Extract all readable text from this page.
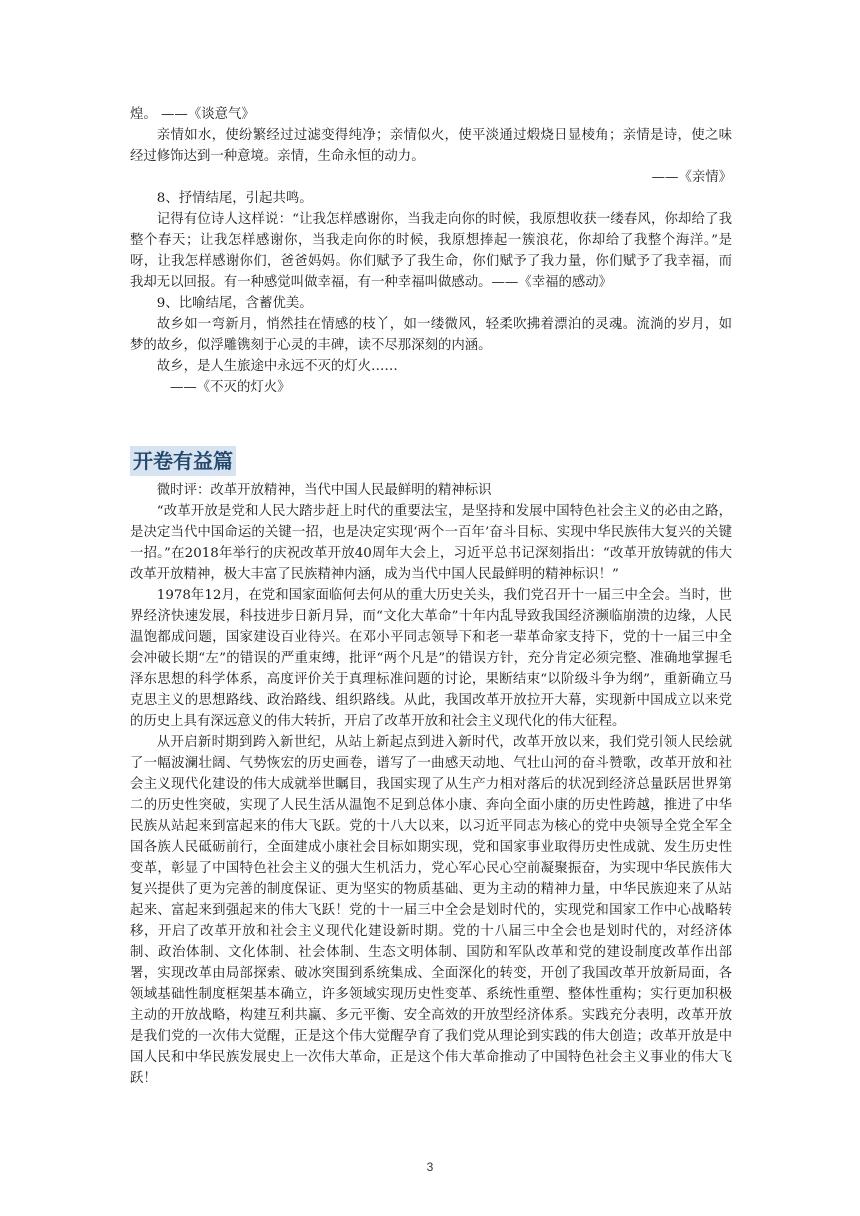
煌。 ——《谈意气》

亲情如水，使纷繁经过过滤变得纯净；亲情似火，使平淡通过煅烧日显棱角；亲情是诗，使之味经过修饰达到一种意境。亲情，生命永恒的动力。
——《亲情》

8、抒情结尾，引起共鸣。

记得有位诗人这样说：“让我怎样感谢你，当我走向你的时候，我原想收获一缕春风，你却给了我整个春天；让我怎样感谢你，当我走向你的时候，我原想捧起一簇浪花，你却给了我整个海洋。”是呀，让我怎样感谢你们，爸爸妈妈。你们赋予了我生命，你们赋予了我力量，你们赋予了我幸福，而我却无以回报。有一种感觉叫做幸福，有一种幸福叫做感动。——《幸福的感动》

9、比喻结尾，含蓄优美。

故乡如一弯新月，悄然挂在情感的枝丫，如一缕微风，轻柔吹拂着漂泊的灵魂。流淌的岁月，如梦的故乡，似浮雕镌刻于心灵的丰碑，读不尽那深刻的内涵。

故乡，是人生旅途中永远不灭的灯火……

——《不灭的灯火》

开卷有益篇

微时评：改革开放精神，当代中国人民最鲜明的精神标识

“改革开放是党和人民大踏步赶上时代的重要法宝，是坚持和发展中国特色社会主义的必由之路，是决定当代中国命运的关键一招，也是决定实现‘两个一百年’奋斗目标、实现中华民族伟大复兴的关键一招。”在2018年举行的庆祝改革开放40周年大会上，习近平总书记深刻指出：“改革开放铸就的伟大改革开放精神，极大丰富了民族精神内涵，成为当代中国人民最鲜明的精神标识！”

1978年12月，在党和国家面临何去何从的重大历史关头，我们党召开十一届三中全会。当时，世界经济快速发展，科技进步日新月异，而“文化大革命”十年内乱导致我国经济濒临崩溃的边缘，人民温饱都成问题，国家建设百业待兴。在邓小平同志领导下和老一辈革命家支持下，党的十一届三中全会冲破长期“左”的错误的严重束缚，批评“两个凡是”的错误方针，充分肯定必须完整、准确地掌握毛泽东思想的科学体系，高度评价关于真理标准问题的讨论，果断结束“以阶级斗争为纲”，重新确立马克思主义的思想路线、政治路线、组织路线。从此，我国改革开放拉开大幕，实现新中国成立以来党的历史上具有深远意义的伟大转折，开启了改革开放和社会主义现代化的伟大征程。

从开启新时期到跨入新世纪，从站上新起点到进入新时代，改革开放以来，我们党引领人民绘就了一幅波澜壮阔、气势恢宏的历史画卷，谱写了一曲感天动地、气壮山河的奋斗赞歌，改革开放和社会主义现代化建设的伟大成就举世瞩目，我国实现了从生产力相对落后的状况到经济总量跃居世界第二的历史性突破，实现了人民生活从温饱不足到总体小康、奔向全面小康的历史性跨越，推进了中华民族从站起来到富起来的伟大飞跃。党的十八大以来，以习近平同志为核心的党中央领导全党全军全国各族人民砥砺前行，全面建成小康社会目标如期实现，党和国家事业取得历史性成就、发生历史性变革，彰显了中国特色社会主义的强大生机活力，党心军心民心空前凝聚振奋，为实现中华民族伟大复兴提供了更为完善的制度保证、更为坚实的物质基础、更为主动的精神力量，中华民族迎来了从站起来、富起来到强起来的伟大飞跃！党的十一届三中全会是划时代的，实现党和国家工作中心战略转移，开启了改革开放和社会主义现代化建设新时期。党的十八届三中全会也是划时代的，对经济体制、政治体制、文化体制、社会体制、生态文明体制、国防和军队改革和党的建设制度改革作出部署，实现改革由局部探索、破冰突围到系统集成、全面深化的转变，开创了我国改革开放新局面，各领域基础性制度框架基本确立，许多领域实现历史性变革、系统性重塑、整体性重构；实行更加积极主动的开放战略，构建互利共赢、多元平衡、安全高效的开放型经济体系。实践充分表明，改革开放是我们党的一次伟大觉醒，正是这个伟大觉醒孕育了我们党从理论到实践的伟大创造；改革开放是中国人民和中华民族发展史上一次伟大革命，正是这个伟大革命推动了中国特色社会主义事业的伟大飞跃！

3
